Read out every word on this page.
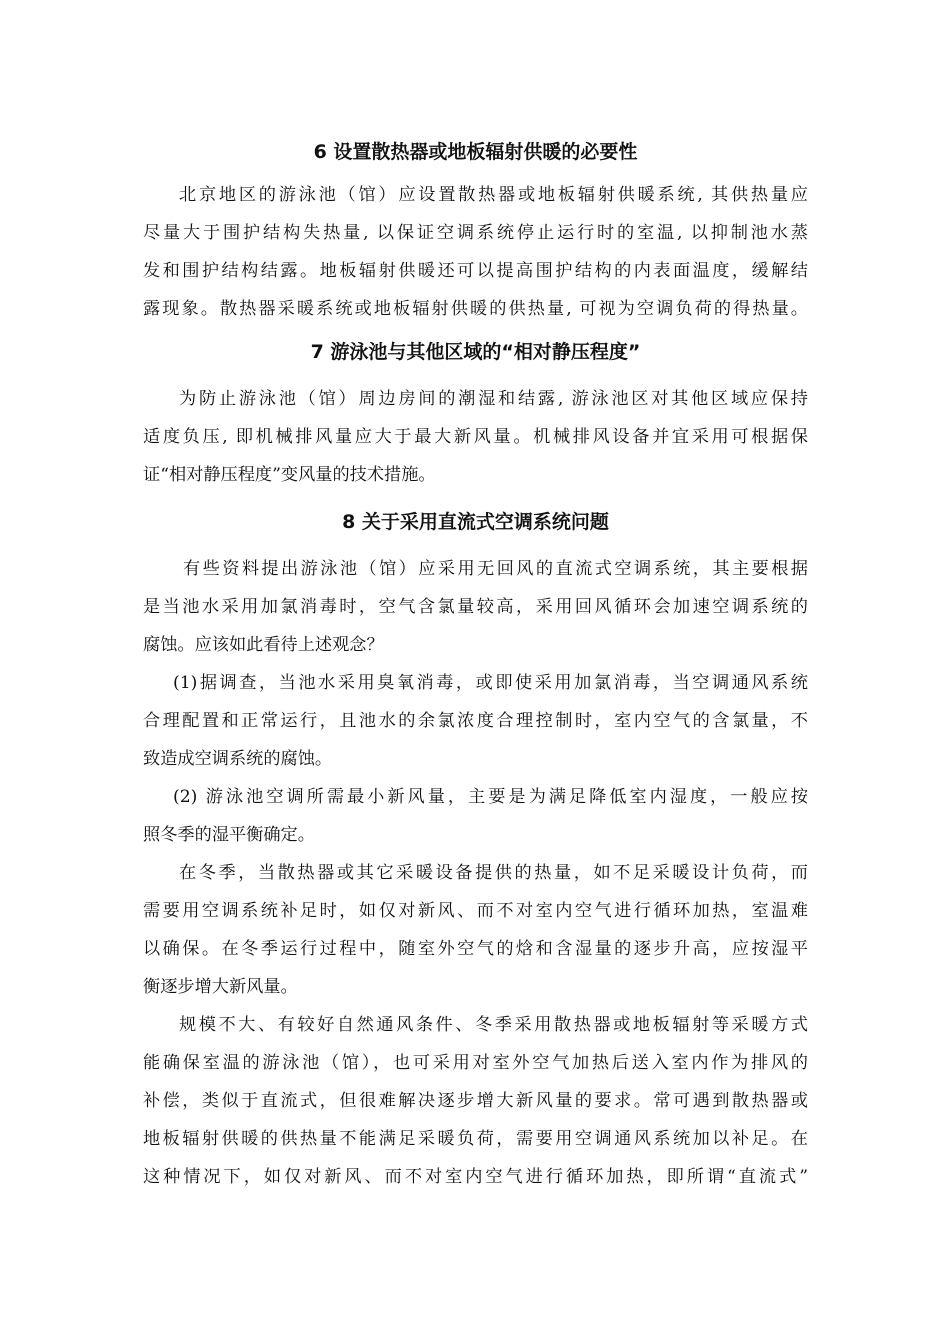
6 设置散热器或地板辐射供暖的必要性
北京地区的游泳池（馆）应设置散热器或地板辐射供暖系统, 其供热量应
尽量大于围护结构失热量, 以保证空调系统停止运行时的室温, 以抑制池水蒸
发和围护结构结露。地板辐射供暖还可以提高围护结构的内表面温度，缓解结
露现象。散热器采暖系统或地板辐射供暖的供热量, 可视为空调负荷的得热量。
7 游泳池与其他区域的“相对静压程度”
为防止游泳池（馆）周边房间的潮湿和结露, 游泳池区对其他区域应保持
适度负压, 即机械排风量应大于最大新风量。机械排风设备并宜采用可根据保
证“相对静压程度”变风量的技术措施。
8 关于采用直流式空调系统问题
有些资料提出游泳池（馆）应采用无回风的直流式空调系统，其主要根据
是当池水采用加氯消毒时，空气含氯量较高，采用回风循环会加速空调系统的
腐蚀。应该如此看待上述观念？
(1)据调查，当池水采用臭氧消毒，或即使采用加氯消毒，当空调通风系统
合理配置和正常运行，且池水的余氯浓度合理控制时，室内空气的含氯量，不
致造成空调系统的腐蚀。
(2) 游泳池空调所需最小新风量，主要是为满足降低室内湿度，一般应按
照冬季的湿平衡确定。
在冬季，当散热器或其它采暖设备提供的热量，如不足采暖设计负荷，而
需要用空调系统补足时，如仅对新风、而不对室内空气进行循环加热，室温难
以确保。在冬季运行过程中，随室外空气的焓和含湿量的逐步升高，应按湿平
衡逐步增大新风量。
规模不大、有较好自然通风条件、冬季采用散热器或地板辐射等采暖方式
能确保室温的游泳池（馆），也可采用对室外空气加热后送入室内作为排风的
补偿，类似于直流式，但很难解决逐步增大新风量的要求。常可遇到散热器或
地板辐射供暖的供热量不能满足采暖负荷，需要用空调通风系统加以补足。在
这种情况下，如仅对新风、而不对室内空气进行循环加热，即所谓“直流式”
